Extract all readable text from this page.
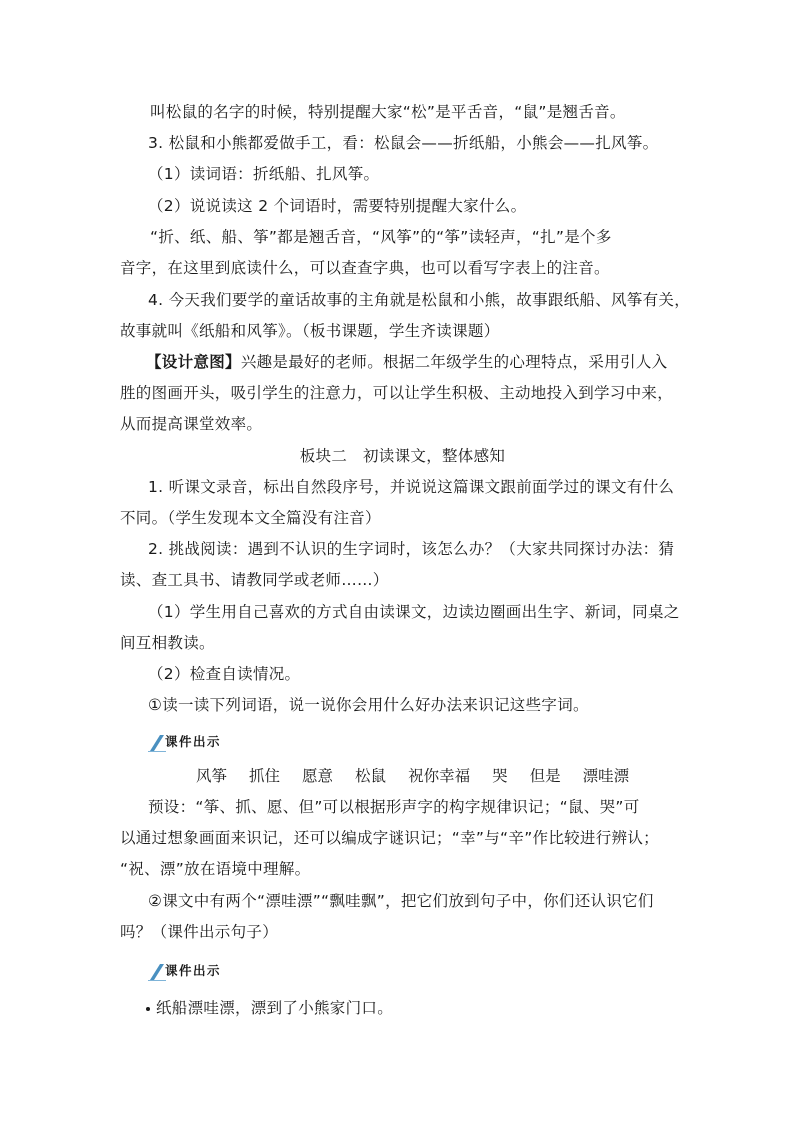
叫松鼠的名字的时候，特别提醒大家“松”是平舌音，“鼠”是翘舌音。
3. 松鼠和小熊都爱做手工，看：松鼠会——折纸船，小熊会——扎风筝。
（1）读词语：折纸船、扎风筝。
（2）说说读这 2 个词语时，需要特别提醒大家什么。
“折、纸、船、筝”都是翘舌音，“风筝”的“筝”读轻声，“扎”是个多
音字，在这里到底读什么，可以查查字典，也可以看写字表上的注音。
4. 今天我们要学的童话故事的主角就是松鼠和小熊，故事跟纸船、风筝有关，
故事就叫《纸船和风筝》。（板书课题，学生齐读课题）
【设计意图】兴趣是最好的老师。根据二年级学生的心理特点，采用引人入
胜的图画开头，吸引学生的注意力，可以让学生积极、主动地投入到学习中来，
从而提高课堂效率。
板块二　初读课文，整体感知
1. 听课文录音，标出自然段序号，并说说这篇课文跟前面学过的课文有什么
不同。（学生发现本文全篇没有注音）
2. 挑战阅读：遇到不认识的生字词时，该怎么办？（大家共同探讨办法：猜
读、查工具书、请教同学或老师……）
（1）学生用自己喜欢的方式自由读课文，边读边圈画出生字、新词，同桌之
间互相教读。
（2）检查自读情况。
①读一读下列词语，说一说你会用什么好办法来识记这些字词。
课件出示
风筝 抓住 愿意 松鼠 祝你幸福 哭 但是 漂哇漂
预设：“筝、抓、愿、但”可以根据形声字的构字规律识记；“鼠、哭”可
以通过想象画面来识记，还可以编成字谜识记；“幸”与“辛”作比较进行辨认；
“祝、漂”放在语境中理解。
②课文中有两个“漂哇漂”“飘哇飘”，把它们放到句子中，你们还认识它们
吗？（课件出示句子）
课件出示
纸船漂哇漂，漂到了小熊家门口。
